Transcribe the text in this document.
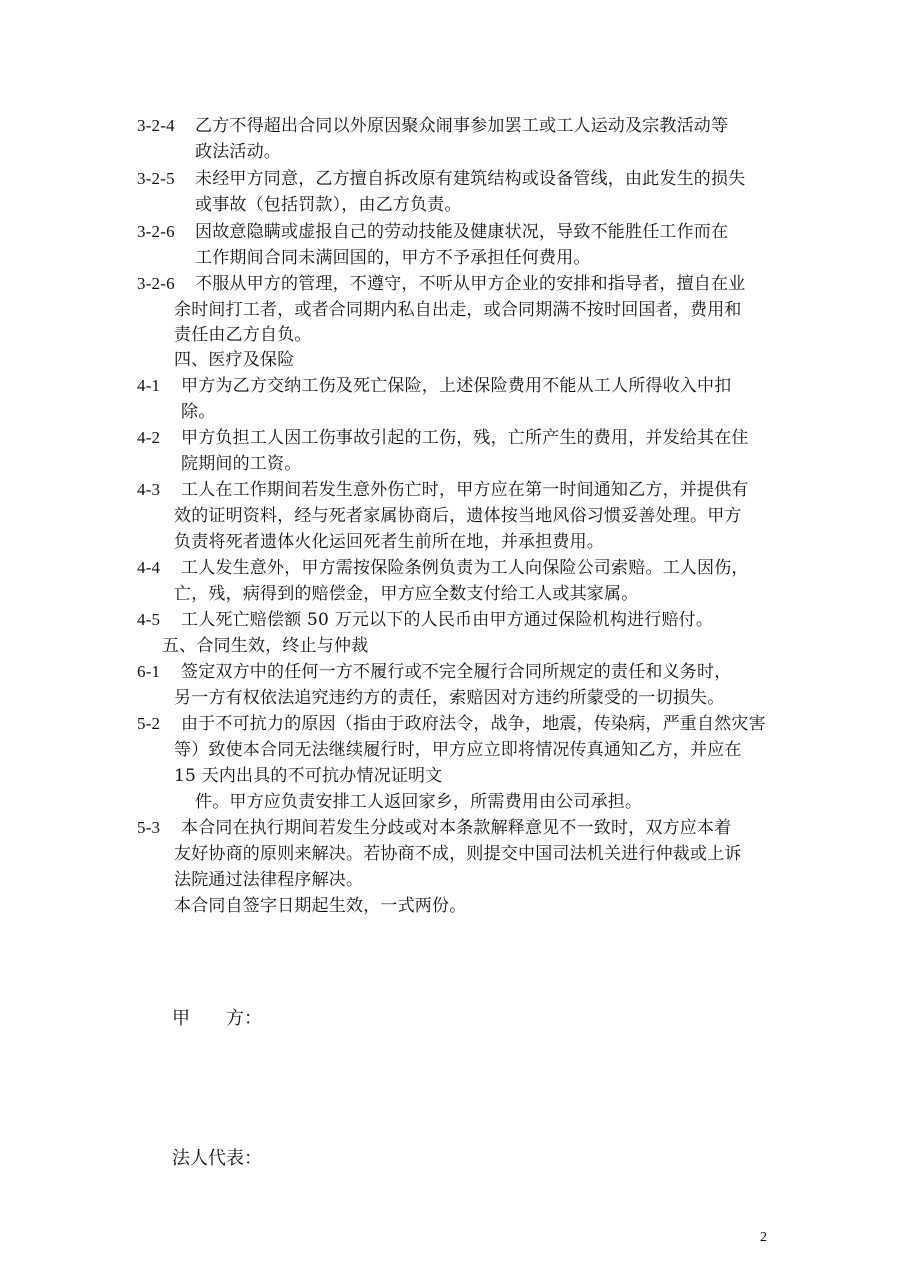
3-2-4 乙方不得超出合同以外原因聚众闹事参加罢工或工人运动及宗教活动等
政法活动。
3-2-5 未经甲方同意，乙方擅自拆改原有建筑结构或设备管线，由此发生的损失
或事故（包括罚款），由乙方负责。
3-2-6 因故意隐瞒或虚报自己的劳动技能及健康状况，导致不能胜任工作而在
工作期间合同未满回国的，甲方不予承担任何费用。
3-2-6 不服从甲方的管理，不遵守，不听从甲方企业的安排和指导者，擅自在业
余时间打工者，或者合同期内私自出走，或合同期满不按时回国者，费用和
责任由乙方自负。
四、医疗及保险
4-1 甲方为乙方交纳工伤及死亡保险，上述保险费用不能从工人所得收入中扣
除。
4-2 甲方负担工人因工伤事故引起的工伤，残，亡所产生的费用，并发给其在住
院期间的工资。
4-3 工人在工作期间若发生意外伤亡时，甲方应在第一时间通知乙方，并提供有
效的证明资料，经与死者家属协商后，遗体按当地风俗习惯妥善处理。甲方
负责将死者遗体火化运回死者生前所在地，并承担费用。
4-4 工人发生意外，甲方需按保险条例负责为工人向保险公司索赔。工人因伤，
亡，残，病得到的赔偿金，甲方应全数支付给工人或其家属。
4-5 工人死亡赔偿额 50 万元以下的人民币由甲方通过保险机构进行赔付。
五、合同生效，终止与仲裁
6-1 签定双方中的任何一方不履行或不完全履行合同所规定的责任和义务时，
另一方有权依法追究违约方的责任，索赔因对方违约所蒙受的一切损失。
5-2 由于不可抗力的原因（指由于政府法令，战争，地震，传染病，严重自然灾害
等）致使本合同无法继续履行时，甲方应立即将情况传真通知乙方，并应在
15 天内出具的不可抗办情况证明文
件。甲方应负责安排工人返回家乡，所需费用由公司承担。
5-3 本合同在执行期间若发生分歧或对本条款解释意见不一致时，双方应本着
友好协商的原则来解决。若协商不成，则提交中国司法机关进行仲裁或上诉
法院通过法律程序解决。
本合同自签字日期起生效，一式两份。
甲　　方：
法人代表：
2
